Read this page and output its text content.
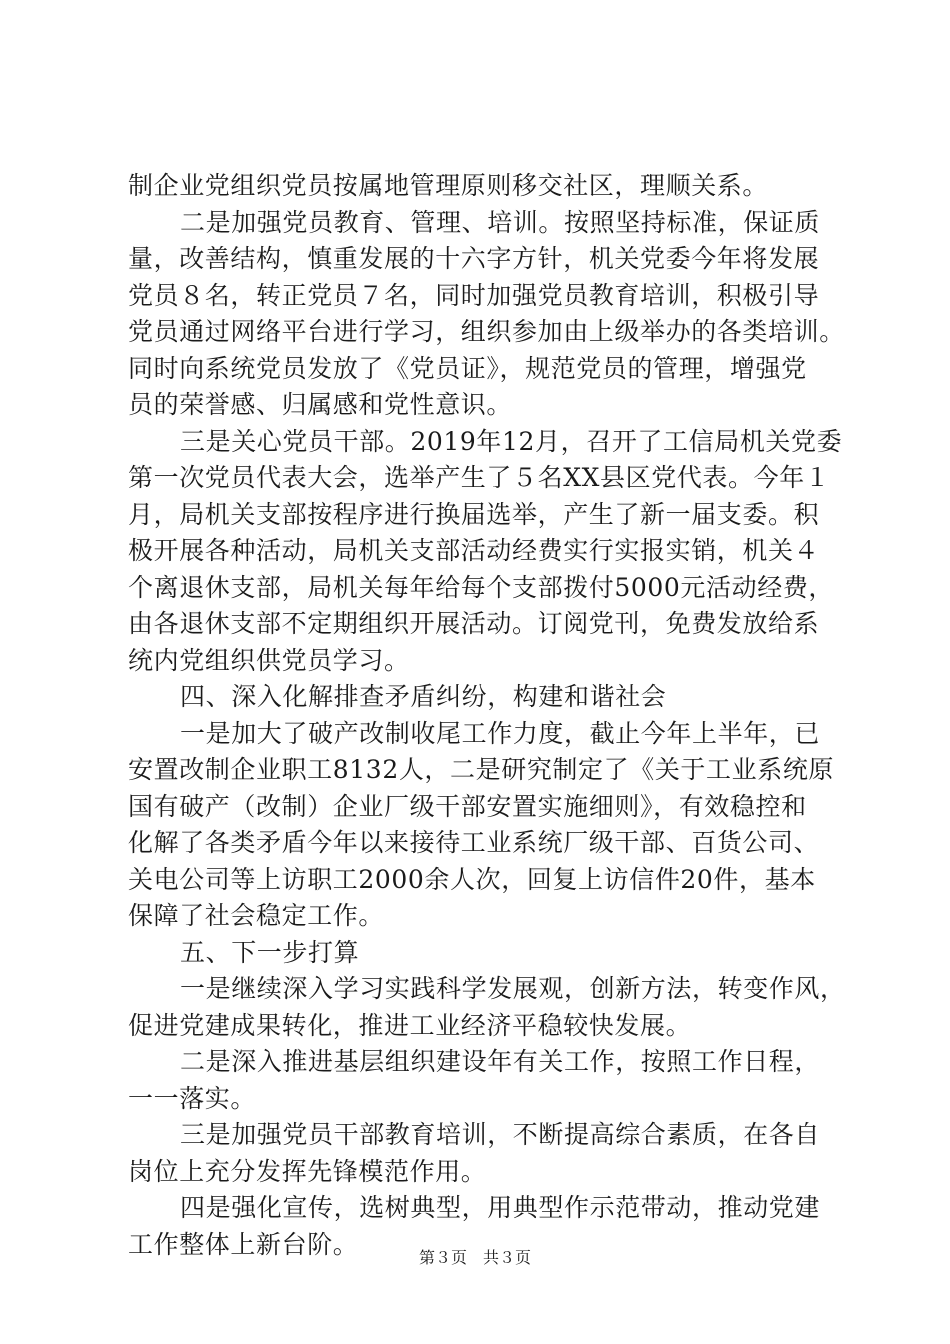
制企业党组织党员按属地管理原则移交社区，理顺关系。
二是加强党员教育、管理、培训。按照坚持标准，保证质
量，改善结构，慎重发展的十六字方针，机关党委今年将发展
党员８名，转正党员７名，同时加强党员教育培训，积极引导
党员通过网络平台进行学习，组织参加由上级举办的各类培训。
同时向系统党员发放了《党员证》，规范党员的管理，增强党
员的荣誉感、归属感和党性意识。
三是关心党员干部。2019年12月，召开了工信局机关党委
第一次党员代表大会，选举产生了５名XX县区党代表。今年１
月，局机关支部按程序进行换届选举，产生了新一届支委。积
极开展各种活动，局机关支部活动经费实行实报实销，机关４
个离退休支部，局机关每年给每个支部拨付5000元活动经费，
由各退休支部不定期组织开展活动。订阅党刊，免费发放给系
统内党组织供党员学习。
四、深入化解排查矛盾纠纷，构建和谐社会
一是加大了破产改制收尾工作力度，截止今年上半年，已
安置改制企业职工8132人，二是研究制定了《关于工业系统原
国有破产（改制）企业厂级干部安置实施细则》，有效稳控和
化解了各类矛盾今年以来接待工业系统厂级干部、百货公司、
关电公司等上访职工2000余人次，回复上访信件20件，基本
保障了社会稳定工作。
五、下一步打算
一是继续深入学习实践科学发展观，创新方法，转变作风，
促进党建成果转化，推进工业经济平稳较快发展。
二是深入推进基层组织建设年有关工作，按照工作日程，
一一落实。
三是加强党员干部教育培训，不断提高综合素质，在各自
岗位上充分发挥先锋模范作用。
四是强化宣传，选树典型，用典型作示范带动，推动党建
工作整体上新台阶。	第３页　共３页
